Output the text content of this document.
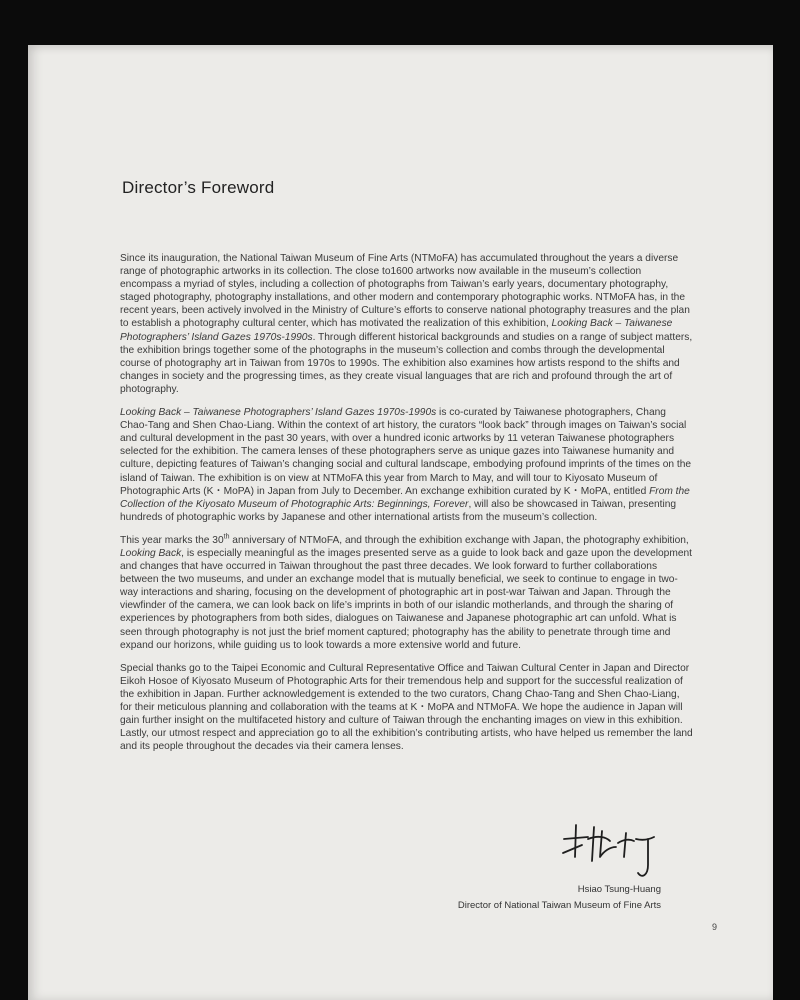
Director’s Foreword

Since its inauguration, the National Taiwan Museum of Fine Arts (NTMoFA) has accumulated throughout the years a diverse range of photographic artworks in its collection. The close to1600 artworks now available in the museum’s collection encompass a myriad of styles, including a collection of photographs from Taiwan’s early years, documentary photography, staged photography, photography installations, and other modern and contemporary photographic works. NTMoFA has, in the recent years, been actively involved in the Ministry of Culture’s efforts to conserve national photography treasures and the plan to establish a photography cultural center, which has motivated the realization of this exhibition, Looking Back – Taiwanese Photographers’ Island Gazes 1970s-1990s. Through different historical backgrounds and studies on a range of subject matters, the exhibition brings together some of the photographs in the museum’s collection and combs through the developmental course of photography art in Taiwan from 1970s to 1990s. The exhibition also examines how artists respond to the shifts and changes in society and the progressing times, as they create visual languages that are rich and profound through the art of photography.

Looking Back – Taiwanese Photographers’ Island Gazes 1970s-1990s is co-curated by Taiwanese photographers, Chang Chao-Tang and Shen Chao-Liang. Within the context of art history, the curators “look back” through images on Taiwan’s social and cultural development in the past 30 years, with over a hundred iconic artworks by 11 veteran Taiwanese photographers selected for the exhibition. The camera lenses of these photographers serve as unique gazes into Taiwanese humanity and culture, depicting features of Taiwan’s changing social and cultural landscape, embodying profound imprints of the times on the island of Taiwan. The exhibition is on view at NTMoFA this year from March to May, and will tour to Kiyosato Museum of Photographic Arts (K・MoPA) in Japan from July to December. An exchange exhibition curated by K・MoPA, entitled From the Collection of the Kiyosato Museum of Photographic Arts: Beginnings, Forever, will also be showcased in Taiwan, presenting hundreds of photographic works by Japanese and other international artists from the museum’s collection.

This year marks the 30th anniversary of NTMoFA, and through the exhibition exchange with Japan, the photography exhibition, Looking Back, is especially meaningful as the images presented serve as a guide to look back and gaze upon the development and changes that have occurred in Taiwan throughout the past three decades. We look forward to further collaborations between the two museums, and under an exchange model that is mutually beneficial, we seek to continue to engage in two-way interactions and sharing, focusing on the development of photographic art in post-war Taiwan and Japan. Through the viewfinder of the camera, we can look back on life’s imprints in both of our islandic motherlands, and through the sharing of experiences by photographers from both sides, dialogues on Taiwanese and Japanese photographic art can unfold. What is seen through photography is not just the brief moment captured; photography has the ability to penetrate through time and expand our horizons, while guiding us to look towards a more extensive world and future.

Special thanks go to the Taipei Economic and Cultural Representative Office and Taiwan Cultural Center in Japan and Director Eikoh Hosoe of Kiyosato Museum of Photographic Arts for their tremendous help and support for the successful realization of the exhibition in Japan. Further acknowledgement is extended to the two curators, Chang Chao-Tang and Shen Chao-Liang, for their meticulous planning and collaboration with the teams at K・MoPA and NTMoFA. We hope the audience in Japan will gain further insight on the multifaceted history and culture of Taiwan through the enchanting images on view in this exhibition. Lastly, our utmost respect and appreciation go to all the exhibition’s contributing artists, who have helped us remember the land and its people throughout the decades via their camera lenses.

Hsiao Tsung-Huang
Director of National Taiwan Museum of Fine Arts
9
